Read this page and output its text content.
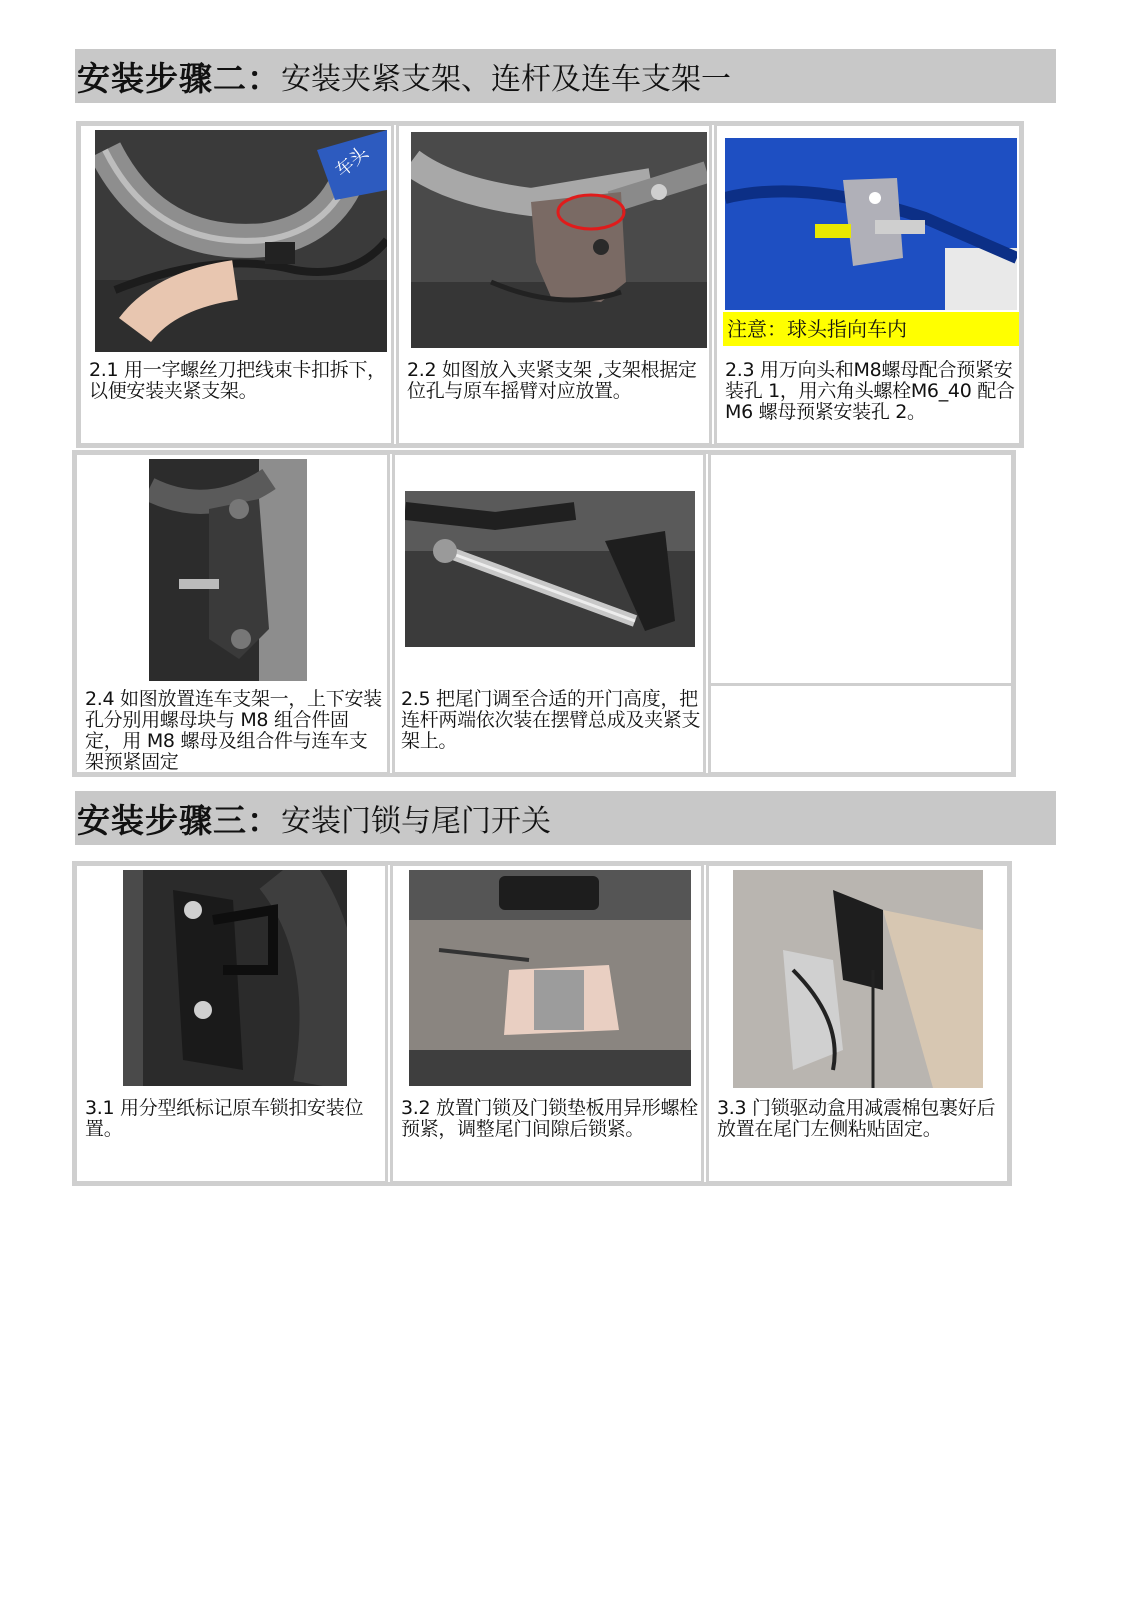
安装步骤二： 安装夹紧支架、连杆及连车支架一
车头
2.1 用一字螺丝刀把线束卡扣拆下，以便安装夹紧支架。
2.2 如图放入夹紧支架 ,支架根据定位孔与原车摇臂对应放置。
注意：球头指向车内
2.3 用万向头和M8螺母配合预紧安装孔 1，用六角头螺栓M6_40 配合 M6 螺母预紧安装孔 2。
2.4 如图放置连车支架一，上下安装孔分别用螺母块与 M8 组合件固定，用 M8 螺母及组合件与连车支架预紧固定
2.5 把尾门调至合适的开门高度，把连杆两端依次装在摆臂总成及夹紧支架上。
安装步骤三： 安装门锁与尾门开关
3.1 用分型纸标记原车锁扣安装位置。
3.2 放置门锁及门锁垫板用异形螺栓预紧，调整尾门间隙后锁紧。
3.3 门锁驱动盒用减震棉包裹好后放置在尾门左侧粘贴固定。
